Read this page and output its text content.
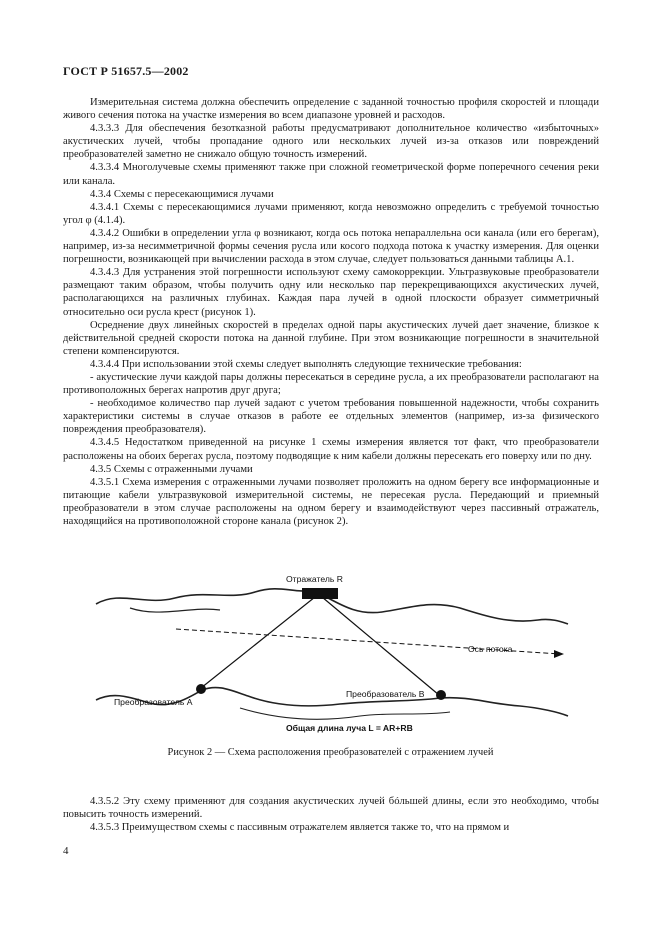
ГОСТ Р 51657.5—2002

Измерительная система должна обеспечить определение с заданной точностью профиля скоростей и площади живого сечения потока на участке измерения во всем диапазоне уровней и расходов.

4.3.3.3 Для обеспечения безотказной работы предусматривают дополнительное количество «избыточных» акустических лучей, чтобы пропадание одного или нескольких лучей из-за отказов или повреждений преобразователей заметно не снижало общую точность измерений.

4.3.3.4 Многолучевые схемы применяют также при сложной геометрической форме поперечного сечения реки или канала.

4.3.4 Схемы с пересекающимися лучами

4.3.4.1 Схемы с пересекающимися лучами применяют, когда невозможно определить с требуемой точностью угол φ (4.1.4).

4.3.4.2 Ошибки в определении угла φ возникают, когда ось потока непараллельна оси канала (или его берегам), например, из-за несимметричной формы сечения русла или косого подхода потока к участку измерения. Для оценки погрешности, возникающей при вычислении расхода в этом случае, следует пользоваться данными таблицы А.1.

4.3.4.3 Для устранения этой погрешности используют схему самокоррекции. Ультразвуковые преобразователи размещают таким образом, чтобы получить одну или несколько пар перекрещивающихся акустических лучей, располагающихся на различных глубинах. Каждая пара лучей в одной плоскости образует симметричный относительно оси русла крест (рисунок 1).

Осреднение двух линейных скоростей в пределах одной пары акустических лучей дает значение, близкое к действительной средней скорости потока на данной глубине. При этом возникающие погрешности в значительной степени компенсируются.

4.3.4.4 При использовании этой схемы следует выполнять следующие технические требования:

- акустические лучи каждой пары должны пересекаться в середине русла, а их преобразователи располагают на противоположных берегах напротив друг друга;

- необходимое количество пар лучей задают с учетом требования повышенной надежности, чтобы сохранить характеристики системы в случае отказов в работе ее отдельных элементов (например, из-за физического повреждения преобразователя).

4.3.4.5 Недостатком приведенной на рисунке 1 схемы измерения является тот факт, что преобразователи расположены на обоих берегах русла, поэтому подводящие к ним кабели должны пересекать его поверху или по дну.

4.3.5 Схемы с отраженными лучами

4.3.5.1 Схема измерения с отраженными лучами позволяет проложить на одном берегу все информационные и питающие кабели ультразвуковой измерительной системы, не пересекая русла. Передающий и приемный преобразователи в этом случае расположены на одном берегу и взаимодействуют через пассивный отражатель, находящийся на противоположной стороне канала (рисунок 2).

Отражатель R
Ось потока
Преобразователь B
Преобразователь A
Общая длина луча L = AR+RB
Рисунок 2 — Схема расположения преобразователей с отражением лучей

4.3.5.2 Эту схему применяют для создания акустических лучей бóльшей длины, если это необходимо, чтобы повысить точность измерений.

4.3.5.3 Преимуществом схемы с пассивным отражателем является также то, что на прямом и

4
